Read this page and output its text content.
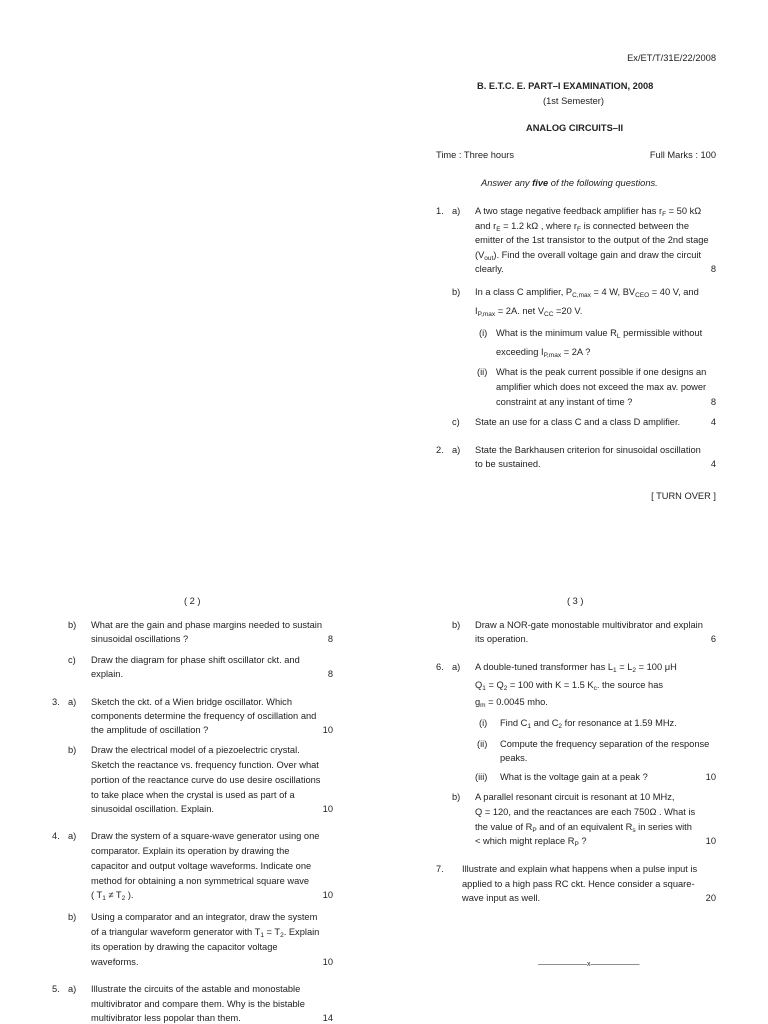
Ex/ET/T/31E/22/2008
B. E.T.C. E. PART–I EXAMINATION, 2008
(1st Semester)
ANALOG CIRCUITS–II
Time : Three hours	Full Marks : 100
Answer any five of the following questions.
1. a) A two stage negative feedback amplifier has $r_F = 50$ kΩ
and $r_E = 1.2$ kΩ , where $r_F$ is connected between the
emitter of the 1st transistor to the output of the 2nd stage
$(V_{out})$. Find the overall voltage gain and draw the circuit
clearly.	8
b) In a class C amplifier, $P_{C,max} = 4$ W, $BV_{CEO} = 40$ V, and
$I_{P,max} = 2A$. net $V_{CC} =20$ V.
(i) What is the minimum value $R_L$ permissible without
exceeding $I_{P,max} = 2A$ ?
(ii) What is the peak current possible if one designs an
amplifier which does not exceed the max av. power
constraint at any instant of time ?	8
c) State an use for a class C and a class D amplifier.	4
2. a) State the Barkhausen criterion for sinusoidal oscillation
to be sustained.	4
[ TURN OVER ]
( 2 )
b) What are the gain and phase margins needed to sustain
sinusoidal oscillations ?	8
c) Draw the diagram for phase shift oscillator ckt. and
explain.	8
3. a) Sketch the ckt. of a Wien bridge oscillator. Which
components determine the frequency of oscillation and
the amplitude of oscillation ?	10
b) Draw the electrical model of a piezoelectric crystal.
Sketch the reactance vs. frequency function. Over what
portion of the reactance curve do use desire oscillations
to take place when the crystal is used as part of a
sinusoidal oscillation. Explain.	10
4. a) Draw the system of a square-wave generator using one
comparator. Explain its operation by drawing the
capacitor and output voltage waveforms. Indicate one
method for obtaining a non symmetrical square wave
( $T_1 \ne T_2$ ).	10
b) Using a comparator and an integrator, draw the system
of a triangular waveform generator with $T_1 = T_2$. Explain
its operation by drawing the capacitor voltage
waveforms.	10
5. a) Illustrate the circuits of the astable and monostable
multivibrator and compare them. Why is the bistable
multivibrator less popolar than them.	14
( 3 )
b) Draw a NOR-gate monostable multivibrator and explain
its operation.	6
6. a) A double-tuned transformer has $L_1 = L_2 = 100$ μH
$Q_1 = Q_2 = 100$ with K = 1.5 $K_c$. the source has
$g_m = 0.0045$ mho.
(i) Find $C_1$ and $C_2$ for resonance at 1.59 MHz.
(ii) Compute the frequency separation of the response
peaks.
(iii) What is the voltage gain at a peak ?	10
b) A parallel resonant circuit is resonant at 10 MHz,
Q = 120, and the reactances are each 750Ω . What is
the value of $R_P$ and of an equivalent $R_s$ in series with
< which might replace $R_P$ ?	10
7. Illustrate and explain what happens when a pulse input is
applied to a high pass RC ckt. Hence consider a square-
wave input as well.	20
———————x———————
